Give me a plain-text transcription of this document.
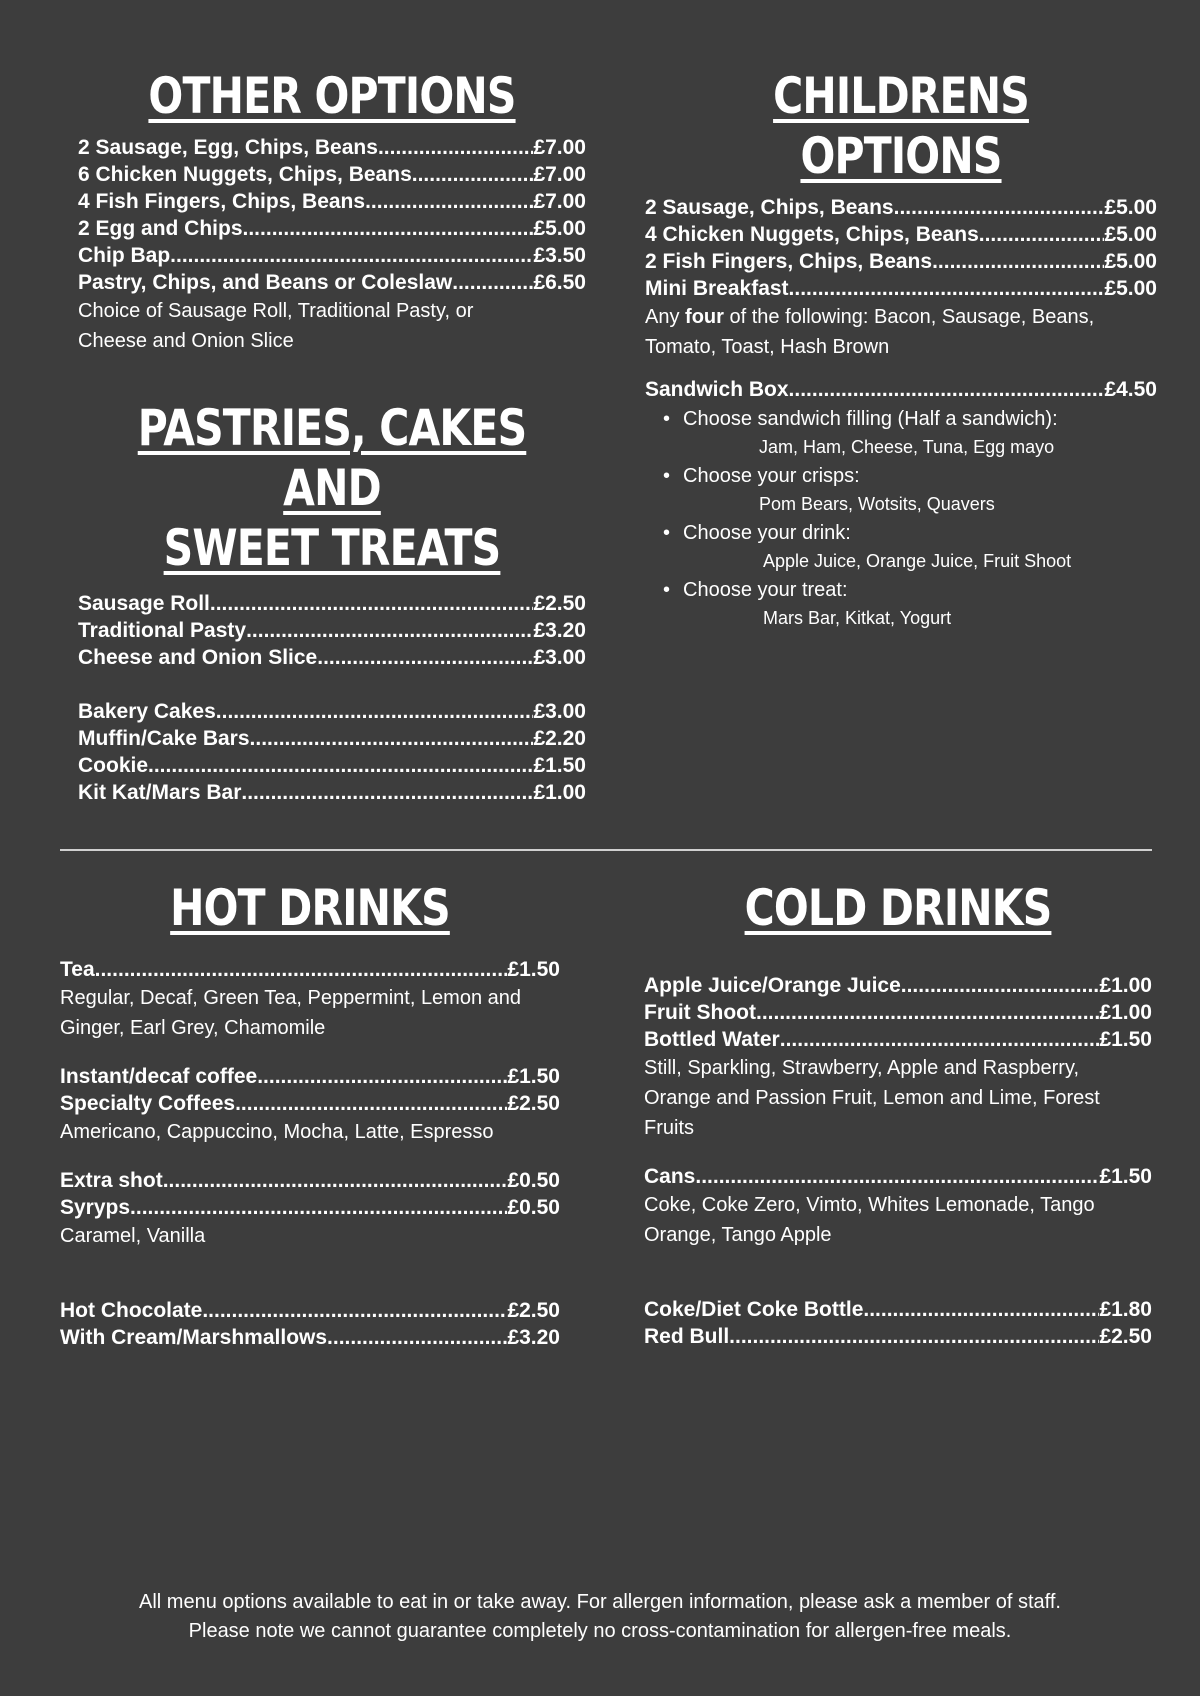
OTHER OPTIONS
2 Sausage, Egg, Chips, Beans .....	£7.00
6 Chicken Nuggets, Chips, Beans .....	£7.00
4 Fish Fingers, Chips, Beans .....	£7.00
2 Egg and Chips .....	£5.00
Chip Bap .....	£3.50
Pastry, Chips, and Beans or Coleslaw .....	£6.50
Choice of Sausage Roll, Traditional Pasty, or Cheese and Onion Slice
PASTRIES, CAKES AND
SWEET TREATS
Sausage Roll .....	£2.50
Traditional Pasty .....	£3.20
Cheese and Onion Slice .....	£3.00
Bakery Cakes .....	£3.00
Muffin/Cake Bars .....	£2.20
Cookie .....	£1.50
Kit Kat/Mars Bar .....	£1.00
CHILDRENS OPTIONS
2 Sausage, Chips, Beans .....	£5.00
4 Chicken Nuggets, Chips, Beans .....	£5.00
2 Fish Fingers, Chips, Beans .....	£5.00
Mini Breakfast .....	£5.00
Any four of the following: Bacon, Sausage, Beans, Tomato, Toast, Hash Brown
Sandwich Box .....	£4.50
• Choose sandwich filling (Half a sandwich):
Jam, Ham, Cheese, Tuna, Egg mayo
• Choose your crisps:
Pom Bears, Wotsits, Quavers
• Choose your drink:
Apple Juice, Orange Juice, Fruit Shoot
• Choose your treat:
Mars Bar, Kitkat, Yogurt
HOT DRINKS
Tea .....	£1.50
Regular, Decaf, Green Tea, Peppermint, Lemon and Ginger, Earl Grey, Chamomile
Instant/decaf coffee .....	£1.50
Specialty Coffees .....	£2.50
Americano, Cappuccino, Mocha, Latte, Espresso
Extra shot .....	£0.50
Syryps .....	£0.50
Caramel, Vanilla
Hot Chocolate .....	£2.50
With Cream/Marshmallows .....	£3.20
COLD DRINKS
Apple Juice/Orange Juice .....	£1.00
Fruit Shoot .....	£1.00
Bottled Water .....	£1.50
Still, Sparkling, Strawberry, Apple and Raspberry, Orange and Passion Fruit, Lemon and Lime, Forest Fruits
Cans .....	£1.50
Coke, Coke Zero, Vimto, Whites Lemonade, Tango Orange, Tango Apple
Coke/Diet Coke Bottle .....	£1.80
Red Bull .....	£2.50
All menu options available to eat in or take away. For allergen information, please ask a member of staff.
Please note we cannot guarantee completely no cross-contamination for allergen-free meals.
